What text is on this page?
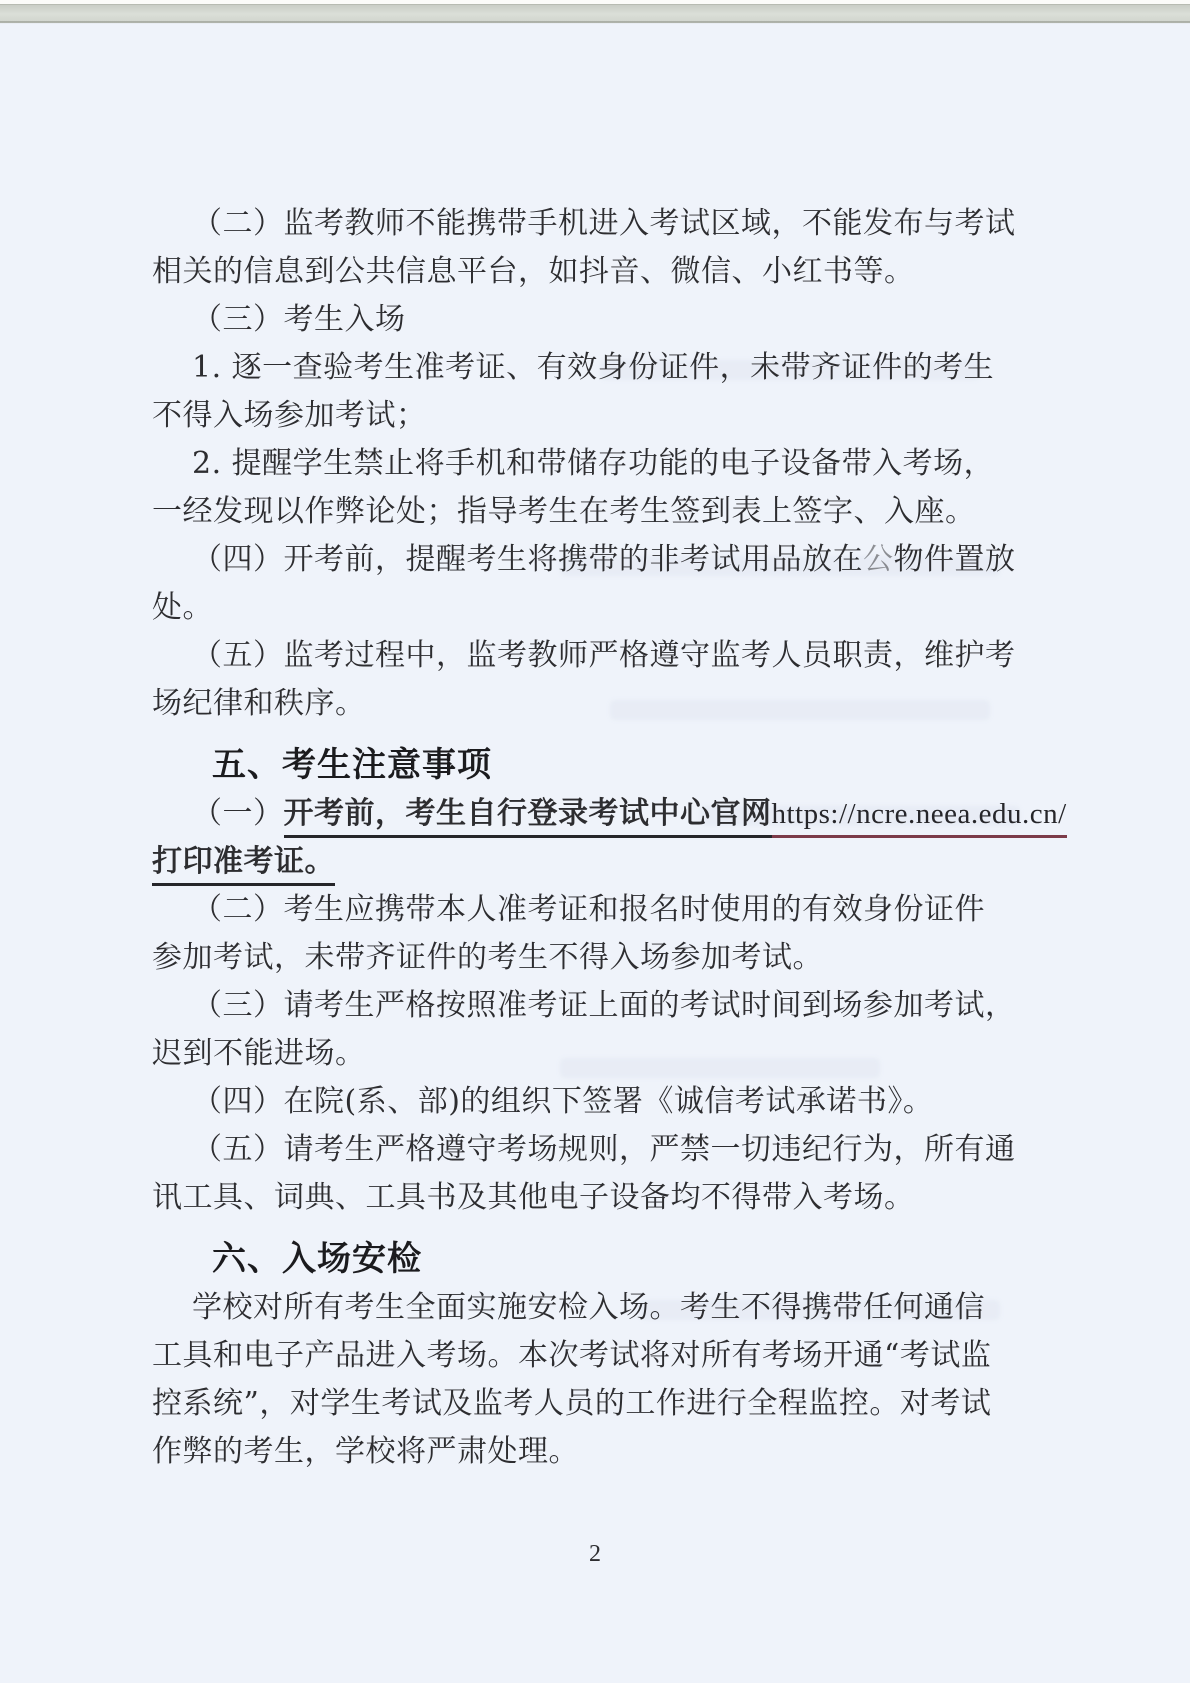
（二）监考教师不能携带手机进入考试区域，不能发布与考试
相关的信息到公共信息平台，如抖音、微信、小红书等。
（三）考生入场
1. 逐一查验考生准考证、有效身份证件，未带齐证件的考生
不得入场参加考试；
2. 提醒学生禁止将手机和带储存功能的电子设备带入考场，
一经发现以作弊论处；指导考生在考生签到表上签字、入座。
（四）开考前，提醒考生将携带的非考试用品放在公物件置放
处。
（五）监考过程中，监考教师严格遵守监考人员职责，维护考
场纪律和秩序。
五、考生注意事项
（一）开考前，考生自行登录考试中心官网https://ncre.neea.edu.cn/
打印准考证。
（二）考生应携带本人准考证和报名时使用的有效身份证件
参加考试，未带齐证件的考生不得入场参加考试。
（三）请考生严格按照准考证上面的考试时间到场参加考试，
迟到不能进场。
（四）在院(系、部)的组织下签署《诚信考试承诺书》。
（五）请考生严格遵守考场规则，严禁一切违纪行为，所有通
讯工具、词典、工具书及其他电子设备均不得带入考场。
六、入场安检
学校对所有考生全面实施安检入场。考生不得携带任何通信
工具和电子产品进入考场。本次考试将对所有考场开通“考试监
控系统”，对学生考试及监考人员的工作进行全程监控。对考试
作弊的考生，学校将严肃处理。
2
